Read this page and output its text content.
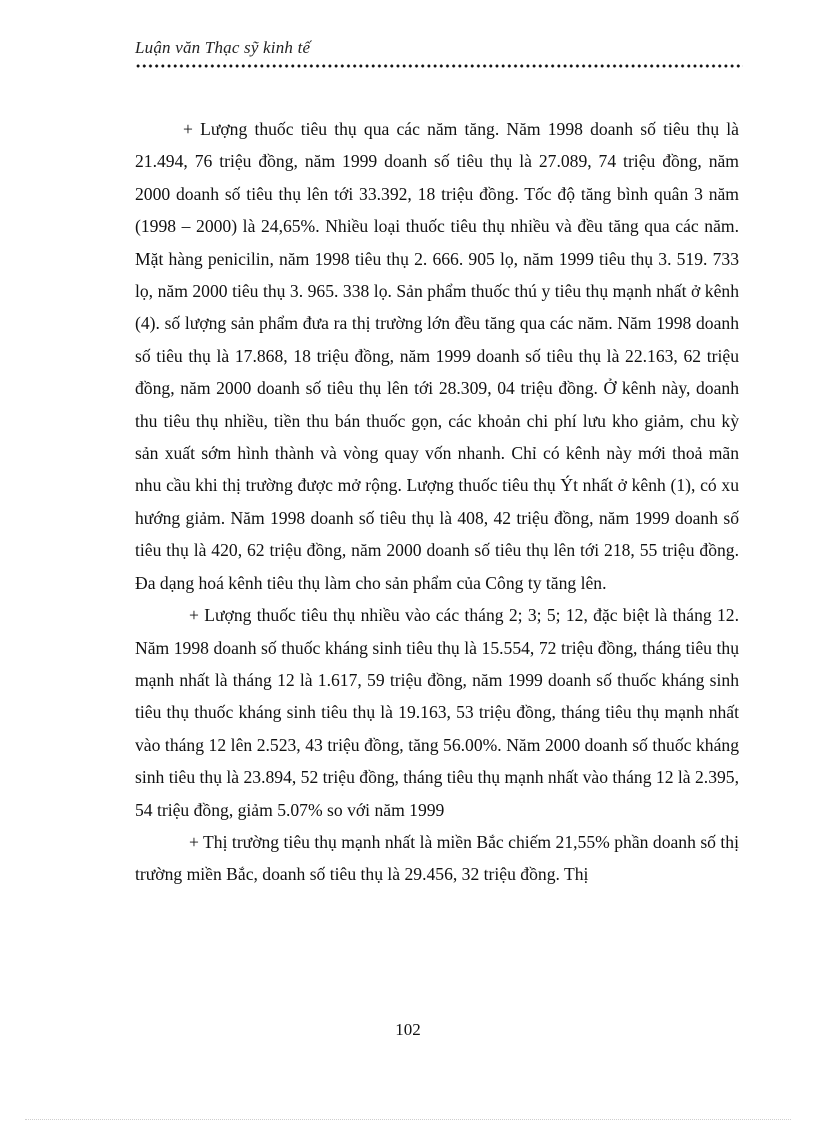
Luận văn Thạc sỹ kinh tế

+ Lượng thuốc tiêu thụ qua các năm tăng. Năm 1998 doanh số tiêu thụ là 21.494, 76 triệu đồng, năm 1999 doanh số tiêu thụ là 27.089, 74 triệu đồng, năm 2000 doanh số tiêu thụ lên tới 33.392, 18 triệu đồng. Tốc độ tăng bình quân 3 năm (1998 – 2000) là 24,65%. Nhiều loại thuốc tiêu thụ nhiều và đều tăng qua các năm. Mặt hàng penicilin, năm 1998 tiêu thụ 2. 666. 905 lọ, năm 1999 tiêu thụ 3. 519. 733 lọ, năm 2000 tiêu thụ 3. 965. 338 lọ. Sản phẩm thuốc thú y tiêu thụ mạnh nhất ở kênh (4). số lượng sản phẩm đưa ra thị trường lớn đều tăng qua các năm. Năm 1998 doanh số tiêu thụ là 17.868, 18 triệu đồng, năm 1999 doanh số tiêu thụ là 22.163, 62 triệu đồng, năm 2000 doanh số tiêu thụ lên tới 28.309, 04 triệu đồng. Ở kênh này, doanh thu tiêu thụ nhiều, tiền thu bán thuốc gọn, các khoản chi phí lưu kho giảm, chu kỳ sản xuất sớm hình thành và vòng quay vốn nhanh. Chỉ có kênh này mới thoả mãn nhu cầu khi thị trường được mở rộng. Lượng thuốc tiêu thụ Ýt nhất ở kênh (1), có xu hướng giảm. Năm 1998 doanh số tiêu thụ là 408, 42 triệu đồng, năm 1999 doanh số tiêu thụ là 420, 62 triệu đồng, năm 2000 doanh số tiêu thụ lên tới 218, 55 triệu đồng. Đa dạng hoá kênh tiêu thụ làm cho sản phẩm của Công ty tăng lên.

+ Lượng thuốc tiêu thụ nhiều vào các tháng 2; 3; 5; 12, đặc biệt là tháng 12. Năm 1998 doanh số thuốc kháng sinh tiêu thụ là 15.554, 72 triệu đồng, tháng tiêu thụ mạnh nhất là tháng 12 là 1.617, 59 triệu đồng, năm 1999 doanh số thuốc kháng sinh tiêu thụ thuốc kháng sinh tiêu thụ là 19.163, 53 triệu đồng, tháng tiêu thụ mạnh nhất vào tháng 12 lên 2.523, 43 triệu đồng, tăng 56.00%. Năm 2000 doanh số thuốc kháng sinh tiêu thụ là 23.894, 52 triệu đồng, tháng tiêu thụ mạnh nhất vào tháng 12 là 2.395, 54 triệu đồng, giảm 5.07% so với năm 1999

+ Thị trường tiêu thụ mạnh nhất là miền Bắc chiếm 21,55% phần doanh số thị trường miền Bắc, doanh số tiêu thụ là 29.456, 32 triệu đồng. Thị

102
